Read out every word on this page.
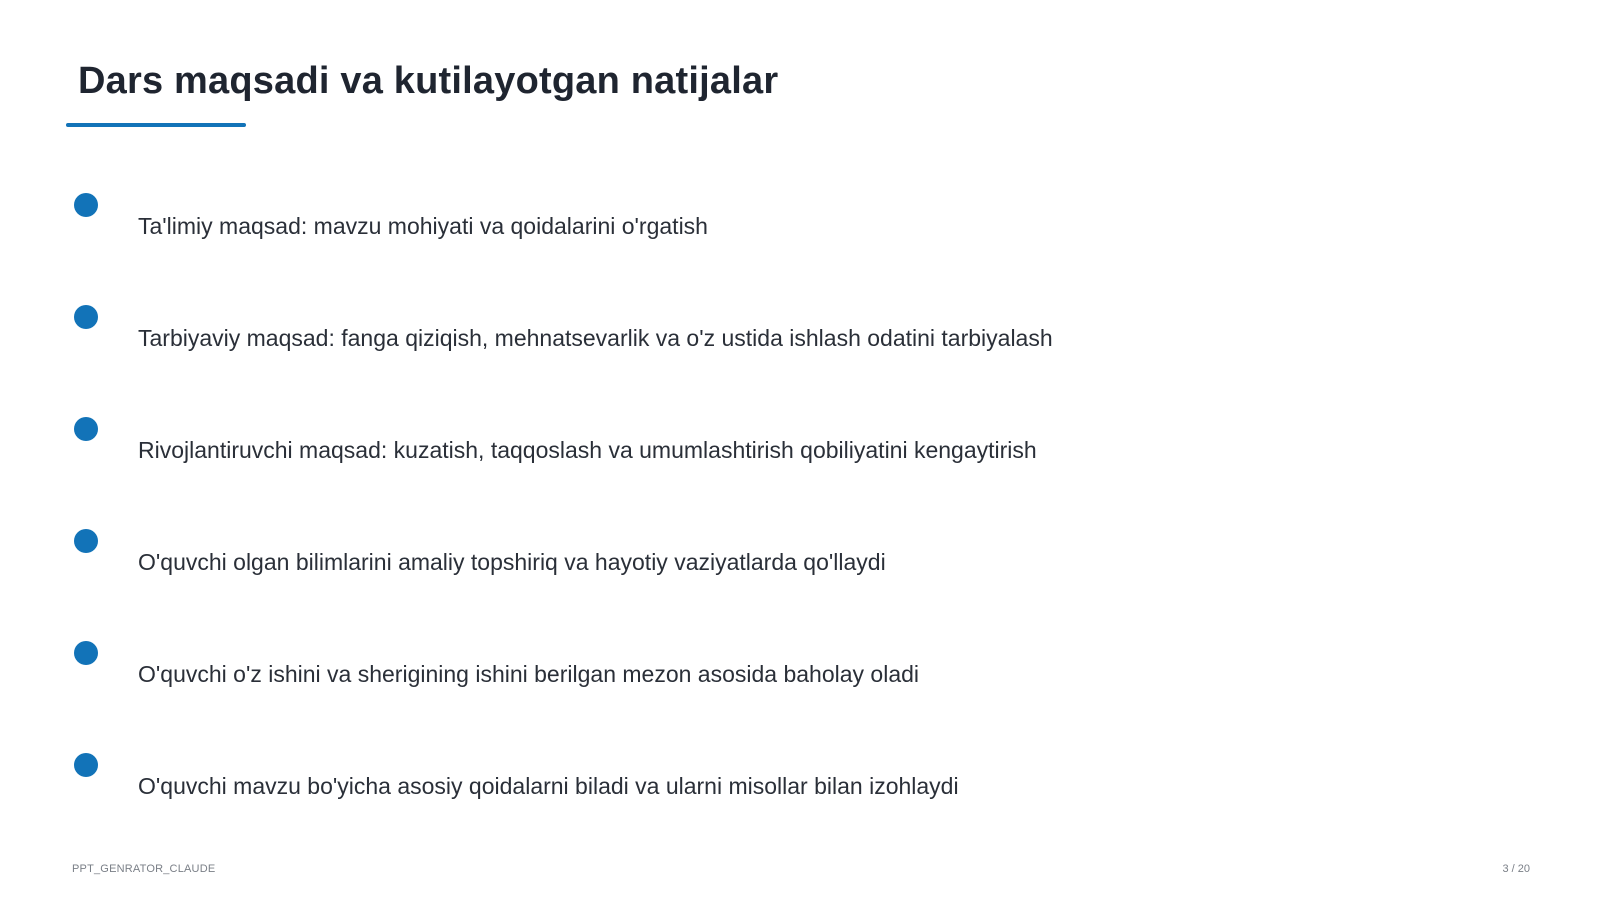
Dars maqsadi va kutilayotgan natijalar
Ta'limiy maqsad: mavzu mohiyati va qoidalarini o'rgatish
Tarbiyaviy maqsad: fanga qiziqish, mehnatsevarlik va o'z ustida ishlash odatini tarbiyalash
Rivojlantiruvchi maqsad: kuzatish, taqqoslash va umumlashtirish qobiliyatini kengaytirish
O'quvchi olgan bilimlarini amaliy topshiriq va hayotiy vaziyatlarda qo'llaydi
O'quvchi o'z ishini va sherigining ishini berilgan mezon asosida baholay oladi
O'quvchi mavzu bo'yicha asosiy qoidalarni biladi va ularni misollar bilan izohlaydi
PPT_GENRATOR_CLAUDE	3 / 20
